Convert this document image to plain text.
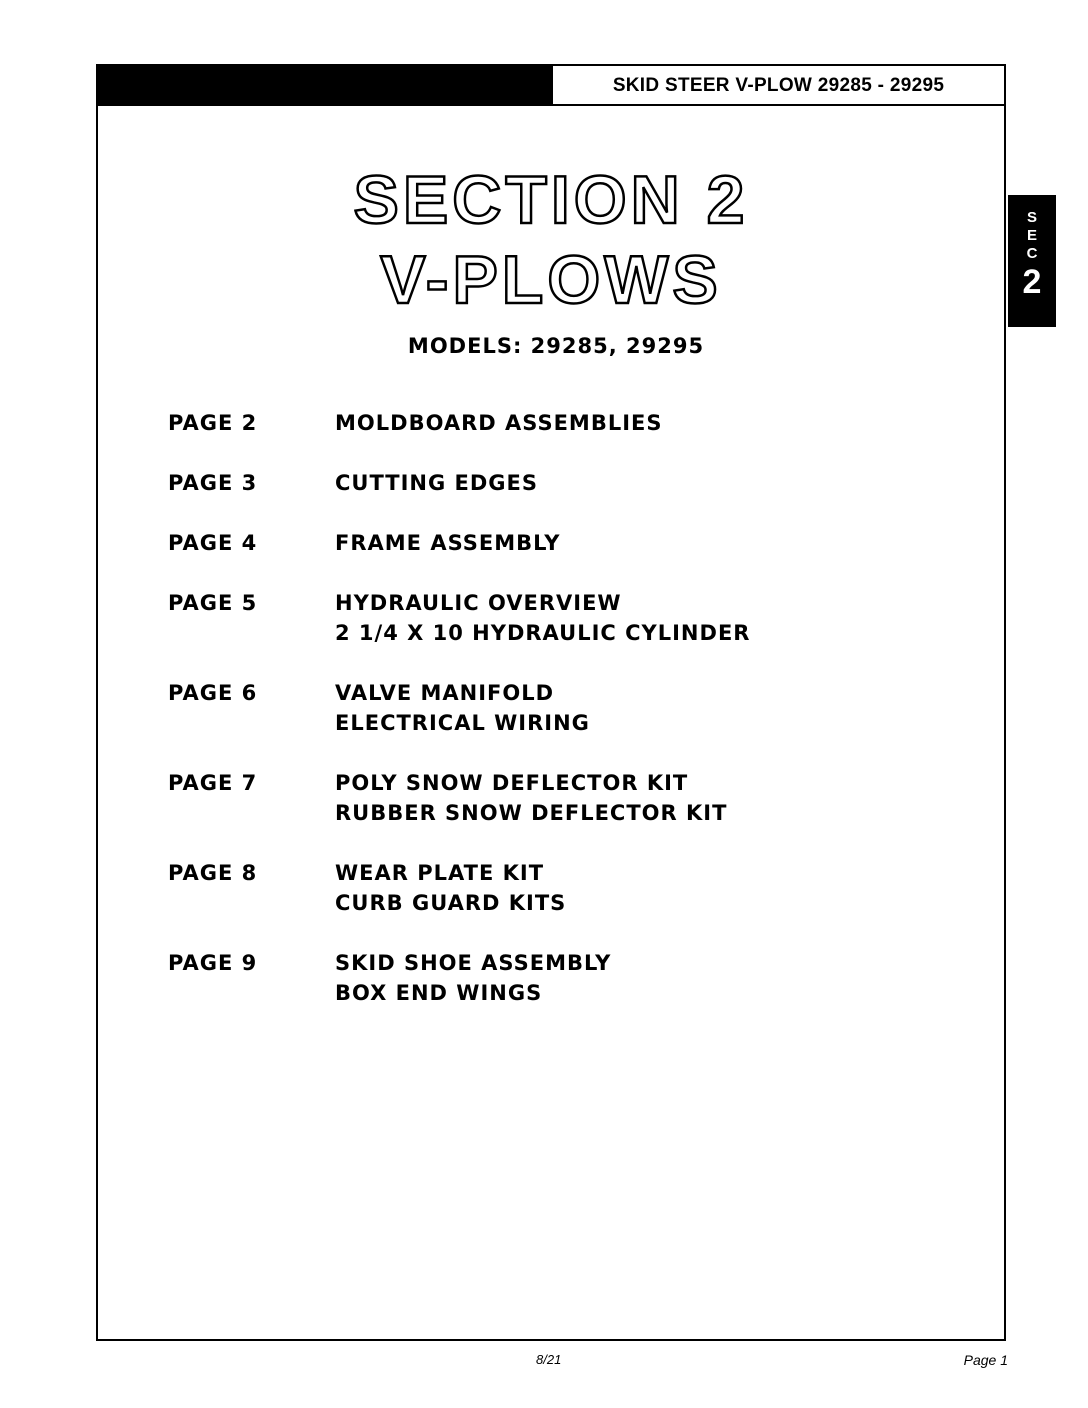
SKID STEER V-PLOW 29285 - 29295
SECTION 2
V-PLOWS
MODELS: 29285, 29295
PAGE 2	MOLDBOARD ASSEMBLIES
PAGE 3	CUTTING EDGES
PAGE 4	FRAME ASSEMBLY
PAGE 5	HYDRAULIC OVERVIEW
2 1/4 X 10 HYDRAULIC CYLINDER
PAGE 6	VALVE MANIFOLD
ELECTRICAL WIRING
PAGE 7	POLY SNOW DEFLECTOR KIT
RUBBER SNOW DEFLECTOR KIT
PAGE 8	WEAR PLATE KIT
CURB GUARD KITS
PAGE 9	SKID SHOE ASSEMBLY
BOX END WINGS
S
E
C
2
8/21	Page 1
